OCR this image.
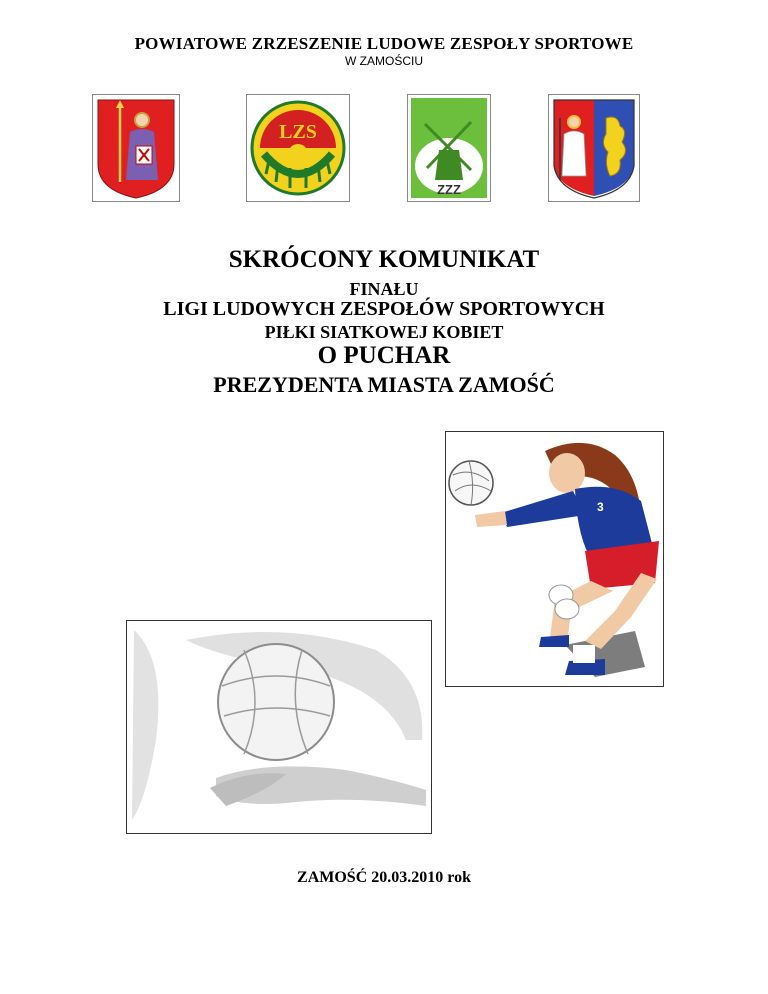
POWIATOWE ZRZESZENIE LUDOWE ZESPOŁY SPORTOWE
W ZAMOŚCIU
LZS
ZZZ
SKRÓCONY KOMUNIKAT
FINAŁU
LIGI LUDOWYCH ZESPOŁÓW SPORTOWYCH
PIŁKI SIATKOWEJ KOBIET
O PUCHAR
PREZYDENTA MIASTA ZAMOŚĆ
3
ZAMOŚĆ 20.03.2010 rok
